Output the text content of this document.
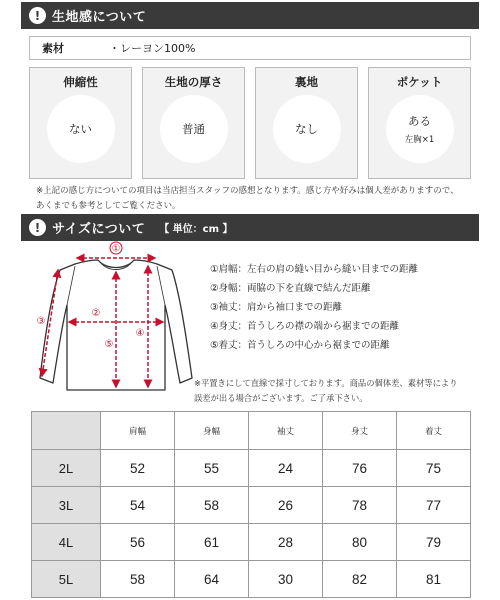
! 生地感について
素材	・レーヨン100%
伸縮性
ない
生地の厚さ
普通
裏地
なし
ポケット
ある
左胸×1
※上記の感じ方についての項目は当店担当スタッフの感想となります。感じ方や好みは個人差がありますので、
あくまでも参考としてご覧ください。
! サイズについて 【 単位：cm 】
①
②
③
④
⑤
①肩幅：左右の肩の縫い目から縫い目までの距離
②身幅：両脇の下を直線で結んだ距離
③袖丈：肩から袖口までの距離
④身丈：首うしろの襟の端から裾までの距離
⑤着丈：首うしろの中心から裾までの距離
※平置きにして直線で採寸しております。商品の個体差、素材等により
誤差が出る場合がございます。ご了承下さい。
	肩幅	身幅	袖丈	身丈	着丈
2L	52	55	24	76	75
3L	54	58	26	78	77
4L	56	61	28	80	79
5L	58	64	30	82	81
